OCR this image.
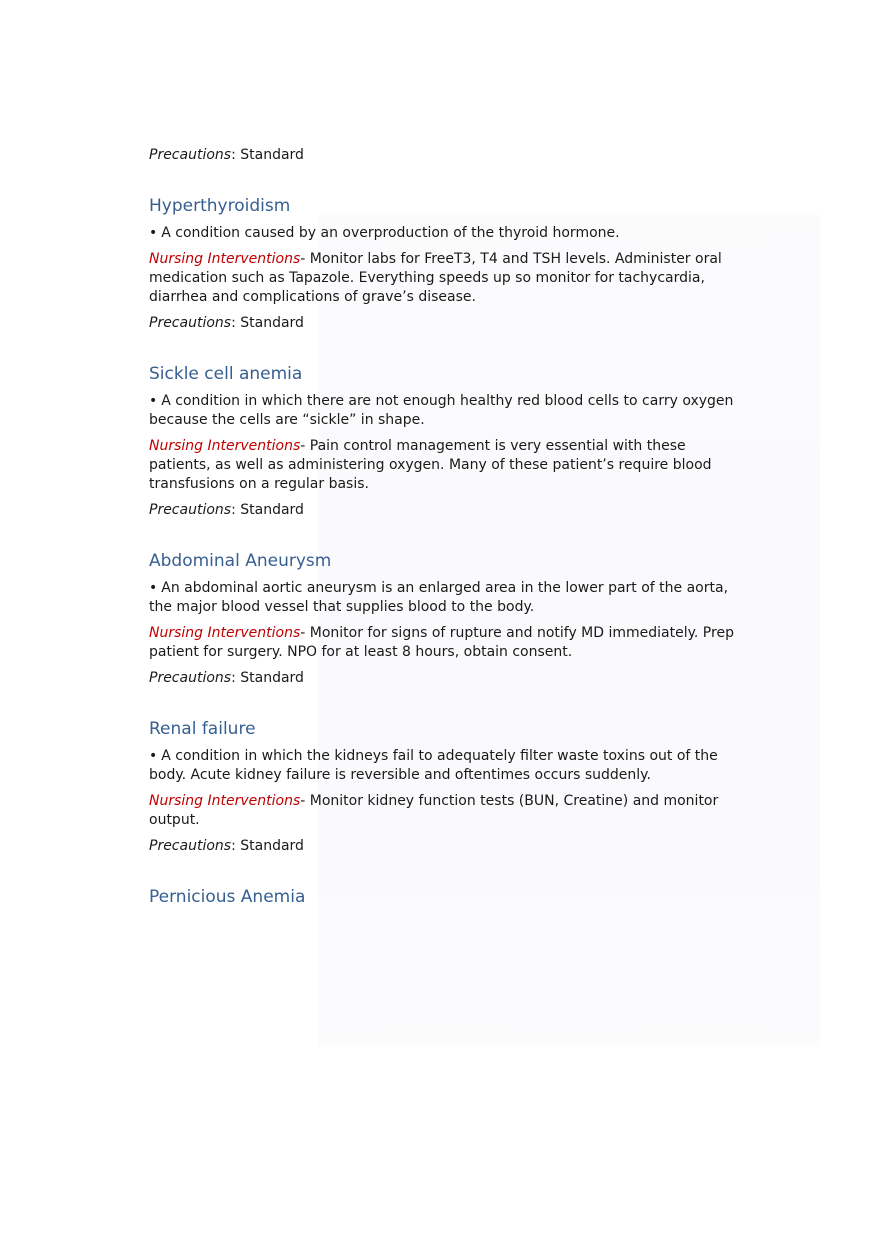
Precautions: Standard

Hyperthyroidism

• A condition caused by an overproduction of the thyroid hormone.

Nursing Interventions- Monitor labs for FreeT3, T4 and TSH levels. Administer oral medication such as Tapazole. Everything speeds up so monitor for tachycardia, diarrhea and complications of grave’s disease.

Precautions: Standard

Sickle cell anemia

• A condition in which there are not enough healthy red blood cells to carry oxygen because the cells are “sickle” in shape.

Nursing Interventions- Pain control management is very essential with these patients, as well as administering oxygen. Many of these patient’s require blood transfusions on a regular basis.

Precautions: Standard

Abdominal Aneurysm

• An abdominal aortic aneurysm is an enlarged area in the lower part of the aorta, the major blood vessel that supplies blood to the body.

Nursing Interventions- Monitor for signs of rupture and notify MD immediately. Prep patient for surgery. NPO for at least 8 hours, obtain consent.

Precautions: Standard

Renal failure

• A condition in which the kidneys fail to adequately filter waste toxins out of the body. Acute kidney failure is reversible and oftentimes occurs suddenly.

Nursing Interventions- Monitor kidney function tests (BUN, Creatine) and monitor output.

Precautions: Standard

Pernicious Anemia
